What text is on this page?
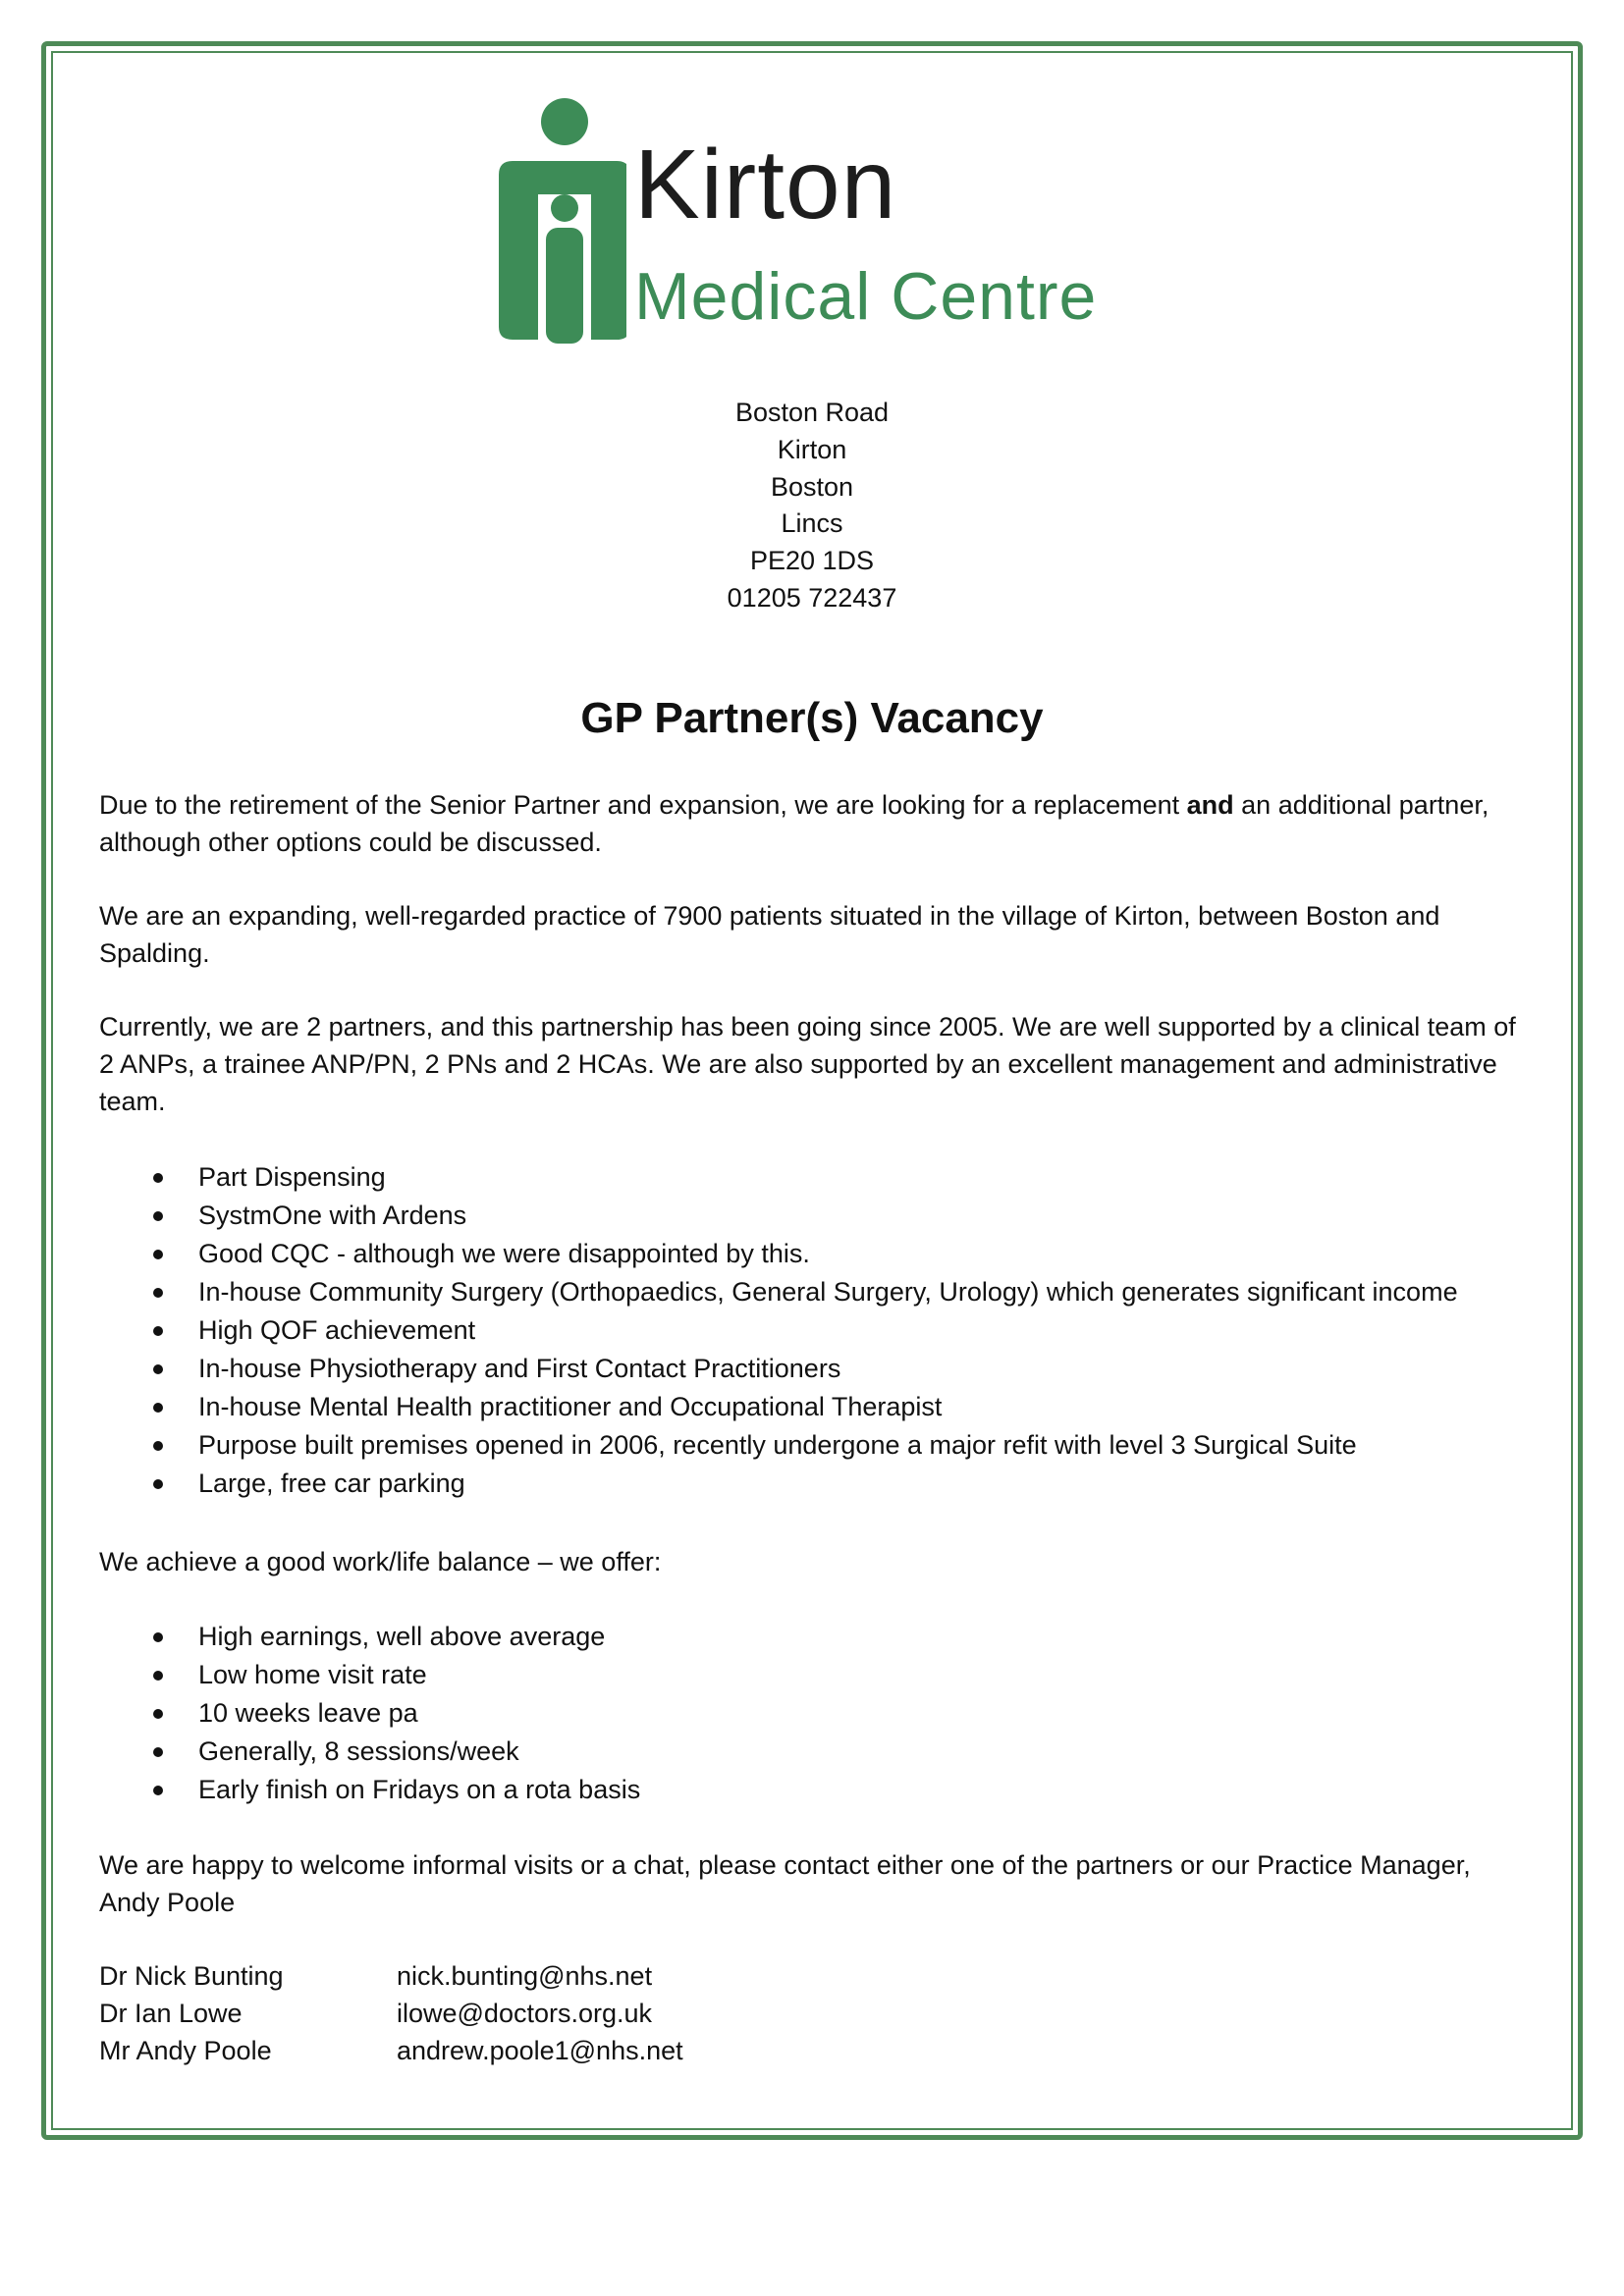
Kirton
Medical Centre
Boston Road
Kirton
Boston
Lincs
PE20 1DS
01205 722437
GP Partner(s) Vacancy

Due to the retirement of the Senior Partner and expansion, we are looking for a replacement and an additional partner, although other options could be discussed.

We are an expanding, well-regarded practice of 7900 patients situated in the village of Kirton, between Boston and Spalding.

Currently, we are 2 partners, and this partnership has been going since 2005. We are well supported by a clinical team of 2 ANPs, a trainee ANP/PN, 2 PNs and 2 HCAs. We are also supported by an excellent management and administrative team.

Part Dispensing
SystmOne with Ardens
Good CQC - although we were disappointed by this.
In-house Community Surgery (Orthopaedics, General Surgery, Urology) which generates significant income
High QOF achievement
In-house Physiotherapy and First Contact Practitioners
In-house Mental Health practitioner and Occupational Therapist
Purpose built premises opened in 2006, recently undergone a major refit with level 3 Surgical Suite
Large, free car parking

We achieve a good work/life balance – we offer:

High earnings, well above average
Low home visit rate
10 weeks leave pa
Generally, 8 sessions/week
Early finish on Fridays on a rota basis

We are happy to welcome informal visits or a chat, please contact either one of the partners or our Practice Manager, Andy Poole

Dr Nick Bunting	nick.bunting@nhs.net
Dr Ian Lowe	ilowe@doctors.org.uk
Mr Andy Poole	andrew.poole1@nhs.net
